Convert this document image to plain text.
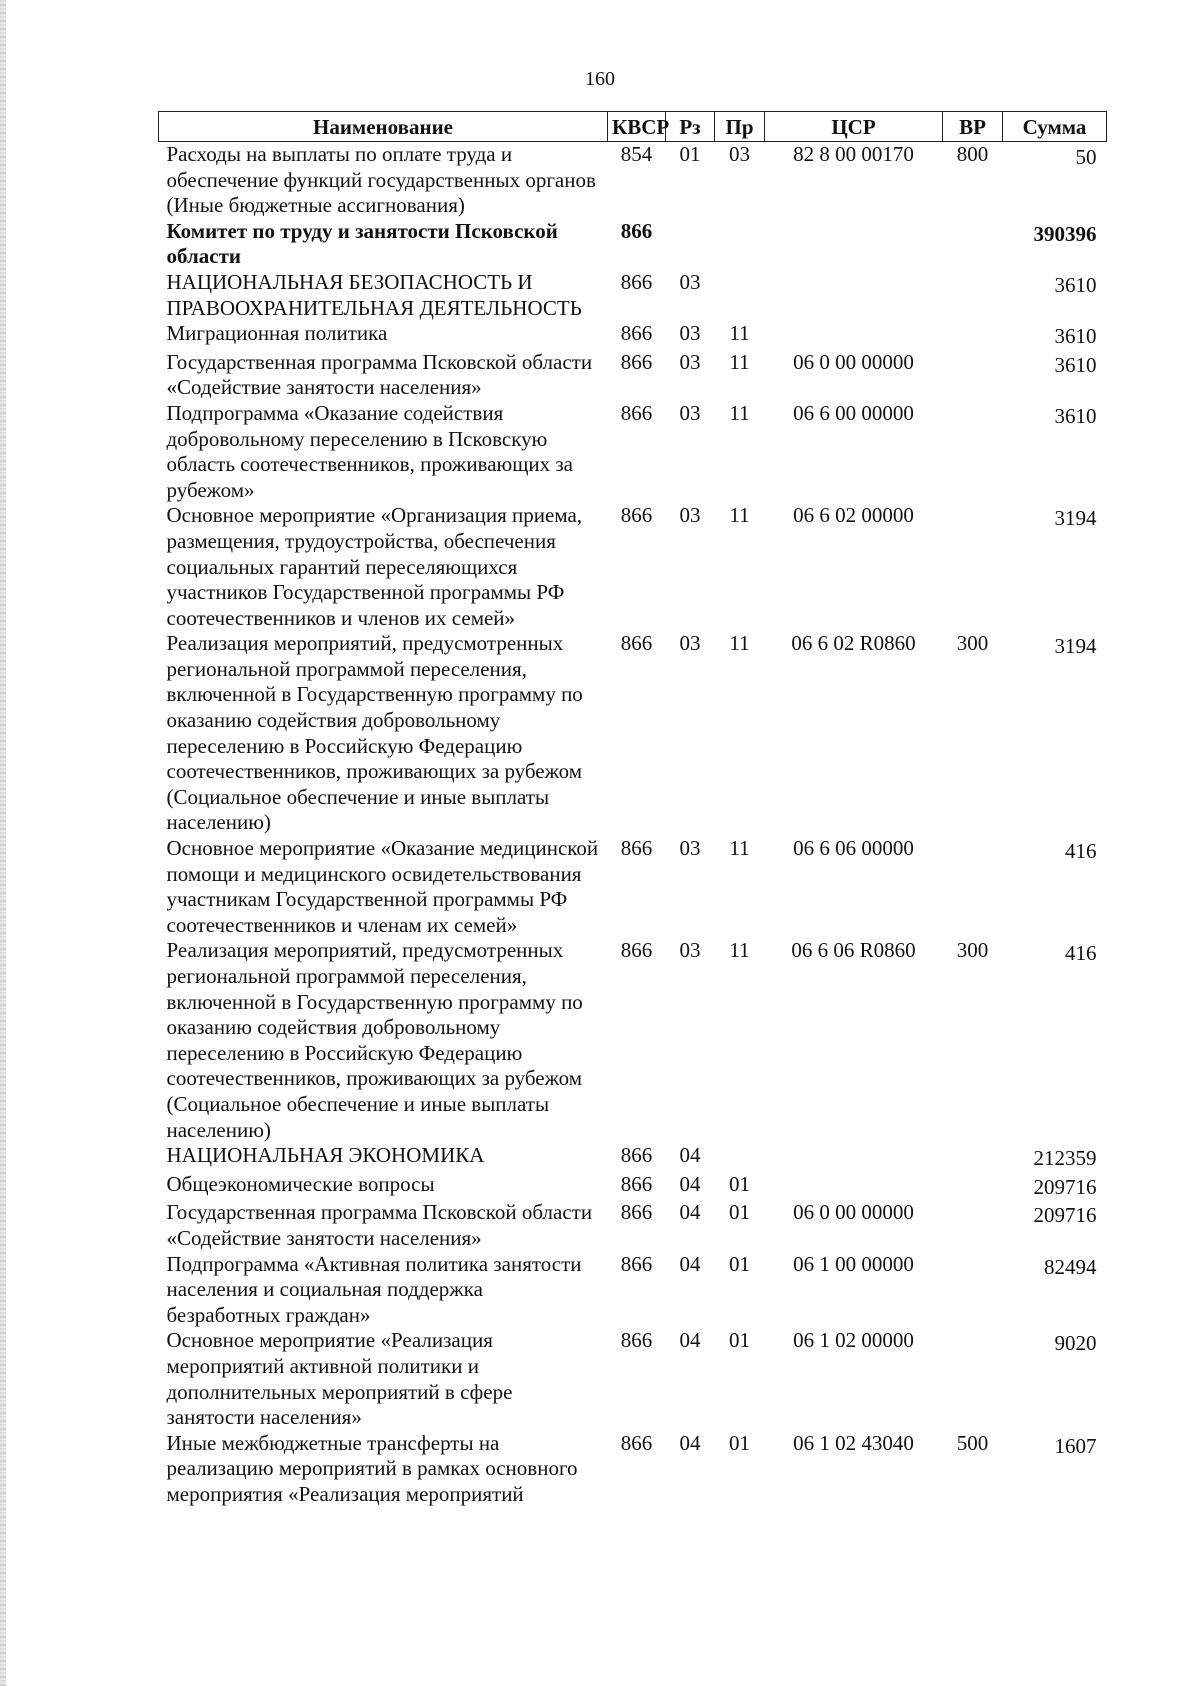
160
Наименование	КВСР	Рз	Пр	ЦСР	ВР	Сумма
Расходы на выплаты по оплате труда и обеспечение функций государственных органов (Иные бюджетные ассигнования)	854	01	03	82 8 00 00170	800	50
Комитет по труду и занятости Псковской области	866					390396
НАЦИОНАЛЬНАЯ БЕЗОПАСНОСТЬ И ПРАВООХРАНИТЕЛЬНАЯ ДЕЯТЕЛЬНОСТЬ	866	03				3610
Миграционная политика	866	03	11			3610
Государственная программа Псковской области «Содействие занятости населения»	866	03	11	06 0 00 00000		3610
Подпрограмма «Оказание содействия добровольному переселению в Псковскую область соотечественников, проживающих за рубежом»	866	03	11	06 6 00 00000		3610
Основное мероприятие «Организация приема, размещения, трудоустройства, обеспечения социальных гарантий переселяющихся участников Государственной программы РФ соотечественников и членов их семей»	866	03	11	06 6 02 00000		3194
Реализация мероприятий, предусмотренных региональной программой переселения, включенной в Государственную программу по оказанию содействия добровольному переселению в Российскую Федерацию соотечественников, проживающих за рубежом (Социальное обеспечение и иные выплаты населению)	866	03	11	06 6 02 R0860	300	3194
Основное мероприятие «Оказание медицинской помощи и медицинского освидетельствования участникам Государственной программы РФ соотечественников и членам их семей»	866	03	11	06 6 06 00000		416
Реализация мероприятий, предусмотренных региональной программой переселения, включенной в Государственную программу по оказанию содействия добровольному переселению в Российскую Федерацию соотечественников, проживающих за рубежом (Социальное обеспечение и иные выплаты населению)	866	03	11	06 6 06 R0860	300	416
НАЦИОНАЛЬНАЯ ЭКОНОМИКА	866	04				212359
Общеэкономические вопросы	866	04	01			209716
Государственная программа Псковской области «Содействие занятости населения»	866	04	01	06 0 00 00000		209716
Подпрограмма «Активная политика занятости населения и социальная поддержка безработных граждан»	866	04	01	06 1 00 00000		82494
Основное мероприятие «Реализация мероприятий активной политики и дополнительных мероприятий в сфере занятости населения»	866	04	01	06 1 02 00000		9020
Иные межбюджетные трансферты на реализацию мероприятий в рамках основного мероприятия «Реализация мероприятий	866	04	01	06 1 02 43040	500	1607
